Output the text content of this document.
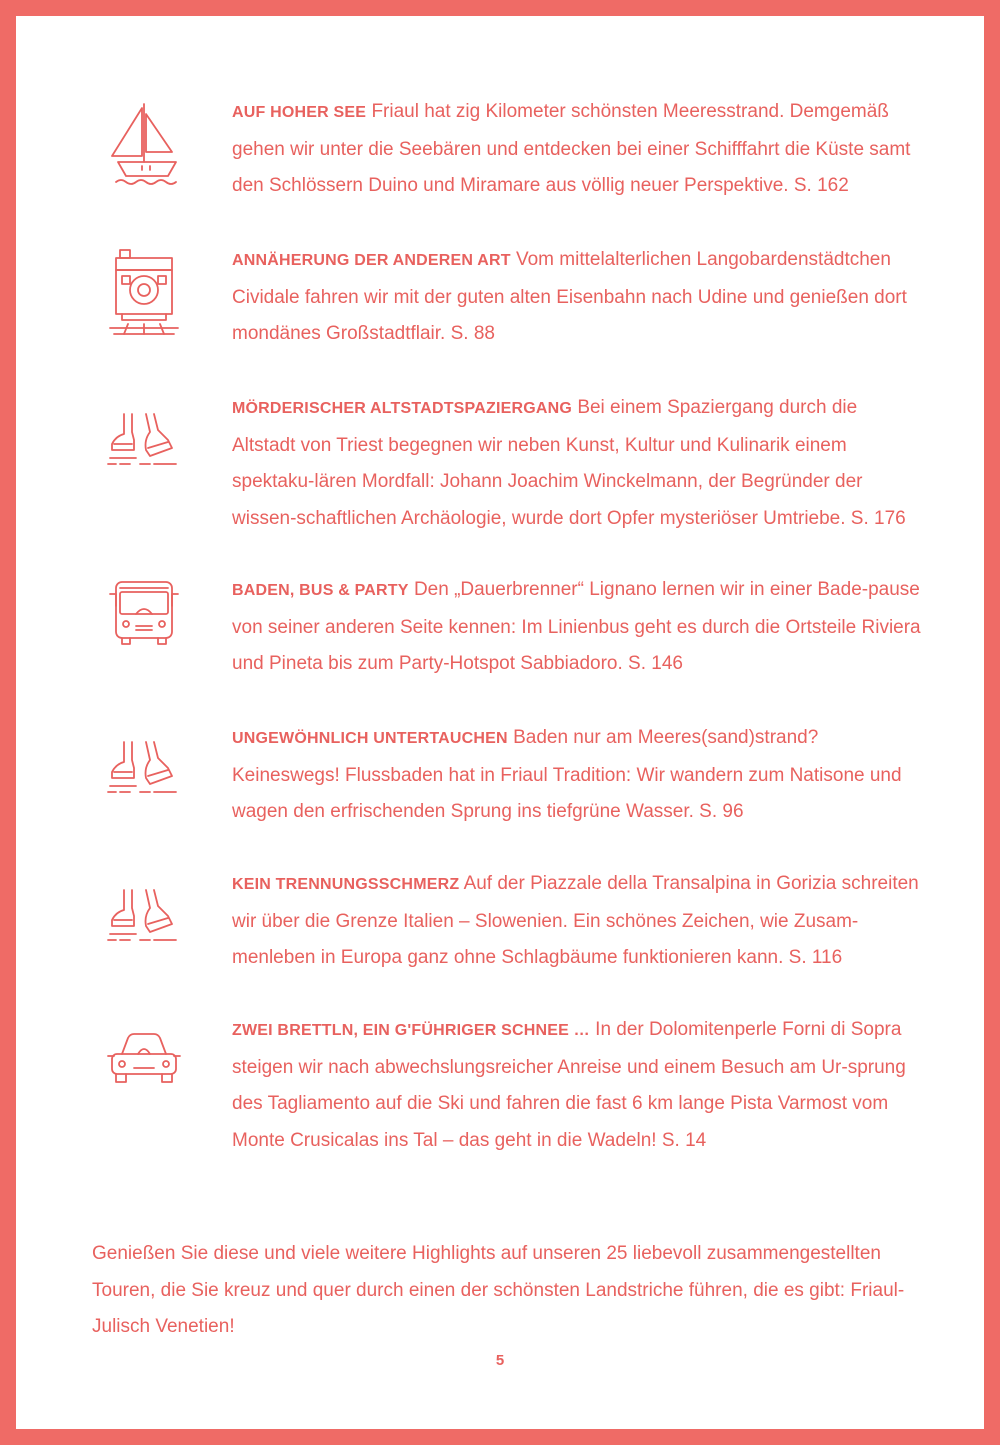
AUF HOHER SEE Friaul hat zig Kilometer schönsten Meeresstrand. Demgemäß gehen wir unter die Seebären und entdecken bei einer Schifffahrt die Küste samt den Schlössern Duino und Miramare aus völlig neuer Perspektive. S. 162
ANNÄHERUNG DER ANDEREN ART Vom mittelalterlichen Langobardenstädtchen Cividale fahren wir mit der guten alten Eisenbahn nach Udine und genießen dort mondänes Großstadtflair. S. 88
MÖRDERISCHER ALTSTADTSPAZIERGANG Bei einem Spaziergang durch die Altstadt von Triest begegnen wir neben Kunst, Kultur und Kulinarik einem spektaku-lären Mordfall: Johann Joachim Winckelmann, der Begründer der wissen-schaftlichen Archäologie, wurde dort Opfer mysteriöser Umtriebe. S. 176
BADEN, BUS & PARTY Den „Dauerbrenner“ Lignano lernen wir in einer Bade-pause von seiner anderen Seite kennen: Im Linienbus geht es durch die Ortsteile Riviera und Pineta bis zum Party-Hotspot Sabbiadoro. S. 146
UNGEWÖHNLICH UNTERTAUCHEN Baden nur am Meeres(sand)strand? Keineswegs! Flussbaden hat in Friaul Tradition: Wir wandern zum Natisone und wagen den erfrischenden Sprung ins tiefgrüne Wasser. S. 96
KEIN TRENNUNGSSCHMERZ Auf der Piazzale della Transalpina in Gorizia schreiten wir über die Grenze Italien – Slowenien. Ein schönes Zeichen, wie Zusam-menleben in Europa ganz ohne Schlagbäume funktionieren kann. S. 116
ZWEI BRETTLN, EIN G'FÜHRIGER SCHNEE … In der Dolomitenperle Forni di Sopra steigen wir nach abwechslungsreicher Anreise und einem Besuch am Ur-sprung des Tagliamento auf die Ski und fahren die fast 6 km lange Pista Varmost vom Monte Crusicalas ins Tal – das geht in die Wadeln! S. 14
Genießen Sie diese und viele weitere Highlights auf unseren 25 liebevoll zusammengestellten Touren, die Sie kreuz und quer durch einen der schönsten Landstriche führen, die es gibt: Friaul-Julisch Venetien!
5
